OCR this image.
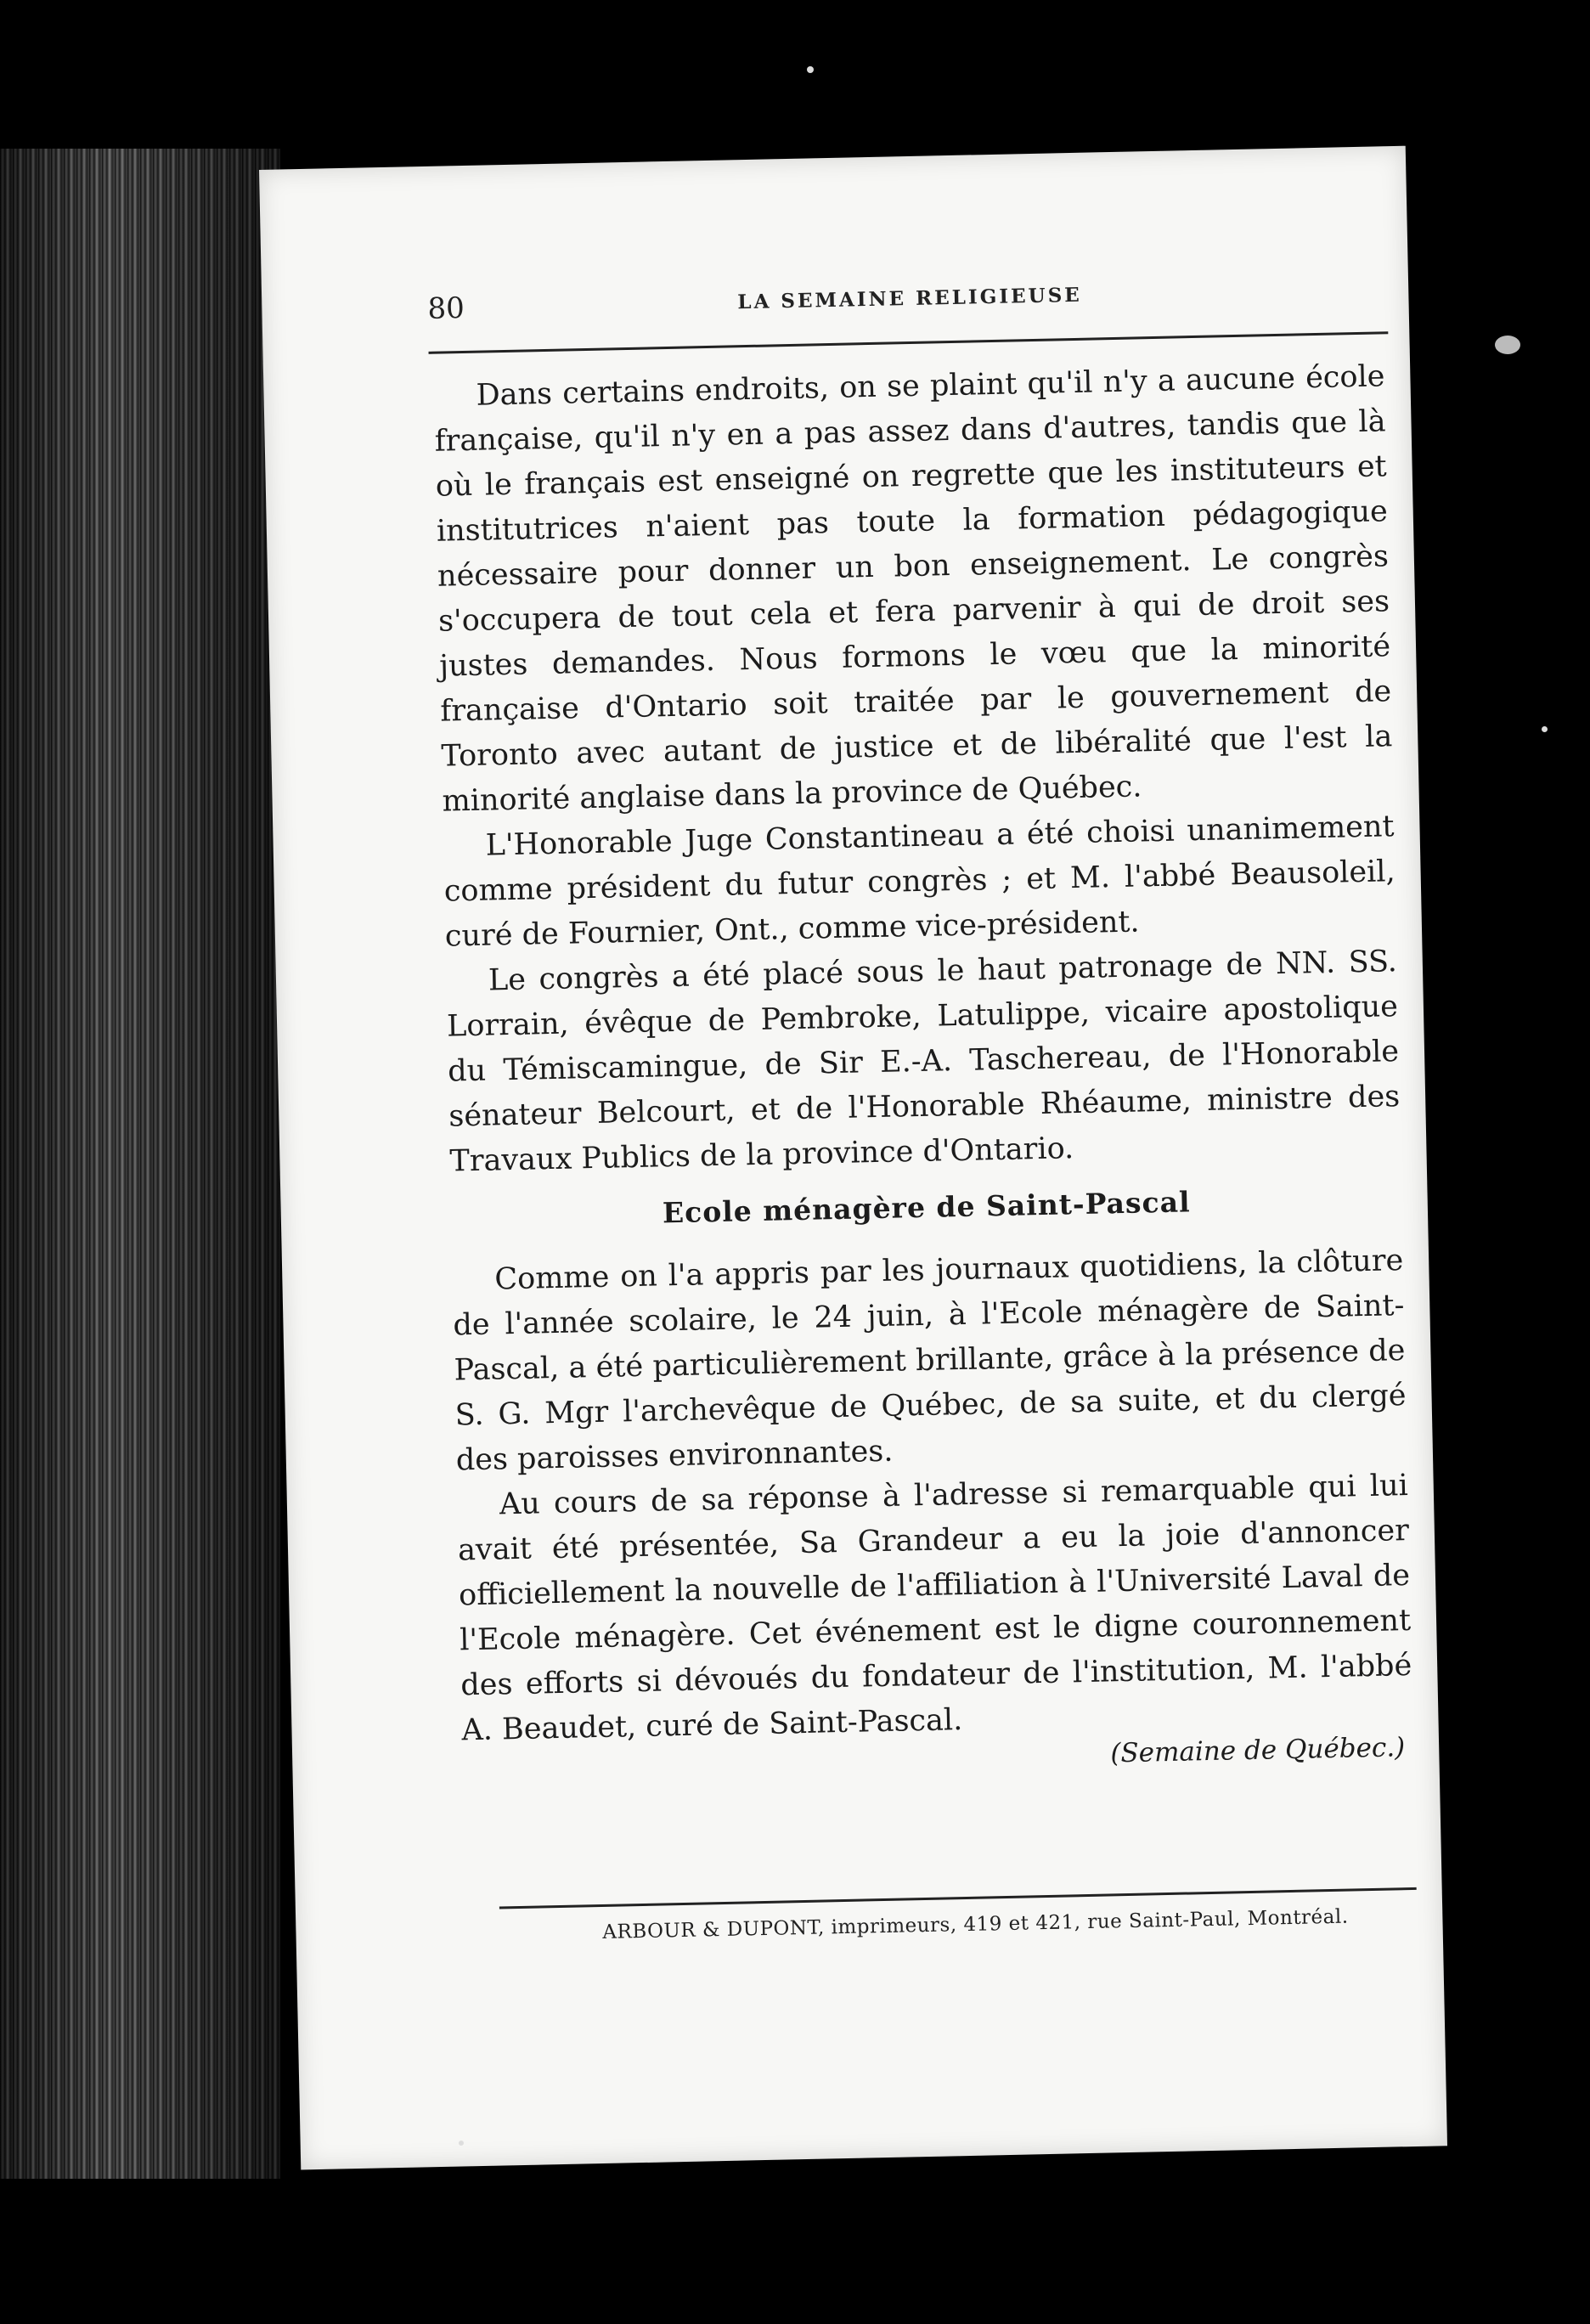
80	LA SEMAINE RELIGIEUSE

Dans certains endroits, on se plaint qu'il n'y a aucune école française, qu'il n'y en a pas assez dans d'autres, tandis que là où le français est enseigné on regrette que les instituteurs et institutrices n'aient pas toute la formation pédagogique nécessaire pour donner un bon enseignement. Le congrès s'occupera de tout cela et fera parvenir à qui de droit ses justes demandes. Nous formons le vœu que la minorité française d'Ontario soit traitée par le gouvernement de Toronto avec autant de justice et de libéralité que l'est la minorité anglaise dans la province de Québec.

L'Honorable Juge Constantineau a été choisi unanimement comme président du futur congrès ; et M. l'abbé Beausoleil, curé de Fournier, Ont., comme vice-président.

Le congrès a été placé sous le haut patronage de NN. SS. Lorrain, évêque de Pembroke, Latulippe, vicaire apostolique du Témiscamingue, de Sir E.-A. Taschereau, de l'Honorable sénateur Belcourt, et de l'Honorable Rhéaume, ministre des Travaux Publics de la province d'Ontario.

Ecole ménagère de Saint-Pascal

Comme on l'a appris par les journaux quotidiens, la clôture de l'année scolaire, le 24 juin, à l'Ecole ménagère de Saint-Pascal, a été particulièrement brillante, grâce à la présence de S. G. Mgr l'archevêque de Québec, de sa suite, et du clergé des paroisses environnantes.

Au cours de sa réponse à l'adresse si remarquable qui lui avait été présentée, Sa Grandeur a eu la joie d'annoncer officiellement la nouvelle de l'affiliation à l'Université Laval de l'Ecole ménagère. Cet événement est le digne couronnement des efforts si dévoués du fondateur de l'institution, M. l'abbé A. Beaudet, curé de Saint-Pascal.

(Semaine de Québec.)

ARBOUR & DUPONT, imprimeurs, 419 et 421, rue Saint-Paul, Montréal.
